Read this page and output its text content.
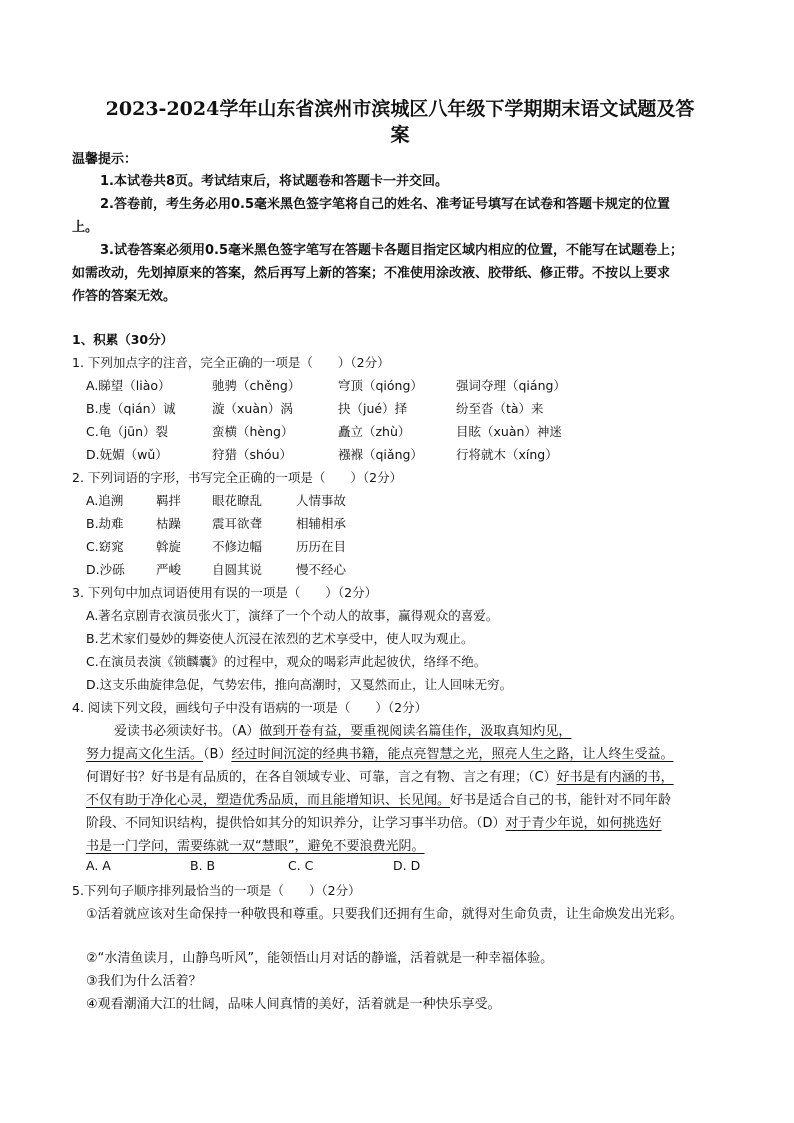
2023-2024学年山东省滨州市滨城区八年级下学期期末语文试题及答
案
温馨提示：
1.本试卷共8页。考试结束后，将试题卷和答题卡一并交回。
2.答卷前，考生务必用0.5毫米黑色签字笔将自己的姓名、准考证号填写在试卷和答题卡规定的位置
上。
3.试卷答案必须用0.5毫米黑色签字笔写在答题卡各题目指定区域内相应的位置，不能写在试题卷上；
如需改动，先划掉原来的答案，然后再写上新的答案；不准使用涂改液、胶带纸、修正带。不按以上要求
作答的答案无效。
1、积累（30分）
1. 下列加点字的注音，完全正确的一项是（　　）（2分）
A.睇望（liào）	驰骋（chěng）	穹顶（qióng）	强词夺理（qiáng）
B.虔（qián）诚	漩（xuàn）涡	抉（jué）择	纷至沓（tà）来
C.龟（jūn）裂	蛮横（hèng）	矗立（zhù）	目眩（xuàn）神迷
D.妩媚（wǔ）	狩猎（shóu）	襁褓（qiǎng）	行将就木（xíng）
2. 下列词语的字形，书写完全正确的一项是（　　）（2分）
A.追溯	羁拌 眼花瞭乱	人情事故
B.劫难	枯躁 震耳欲聋	相辅相承
C.窈窕	斡旋 不修边幅	历历在目
D.沙砾	严峻 自圆其说	慢不经心
3. 下列句中加点词语使用有误的一项是（　　）（2分）
A.著名京剧青衣演员张火丁，演绎了一个个动人的故事，赢得观众的喜爱。
B.艺术家们曼妙的舞姿使人沉浸在浓烈的艺术享受中，使人叹为观止。
C.在演员表演《锁麟囊》的过程中，观众的喝彩声此起彼伏，络绎不绝。
D.这支乐曲旋律急促，气势宏伟，推向高潮时，又戛然而止，让人回味无穷。
4. 阅读下列文段，画线句子中没有语病的一项是（　　）（2分）
爱读书必须读好书。（A）做到开卷有益，要重视阅读名篇佳作，汲取真知灼见，
努力提高文化生活。（B）经过时间沉淀的经典书籍，能点亮智慧之光，照亮人生之路，让人终生受益。
何谓好书？好书是有品质的，在各自领域专业、可靠，言之有物、言之有理；（C）好书是有内涵的书，
不仅有助于净化心灵，塑造优秀品质，而且能增知识、长见闻。好书是适合自己的书，能针对不同年龄
阶段、不同知识结构，提供恰如其分的知识养分，让学习事半功倍。（D）对于青少年说，如何挑选好
书是一门学问，需要练就一双“慧眼”，避免不要浪费光阴。
A. A	B. B	C. C	D. D
5.下列句子顺序排列最恰当的一项是（　　）（2分）
①活着就应该对生命保持一种敬畏和尊重。只要我们还拥有生命，就得对生命负责，让生命焕发出光彩。
②“水清鱼读月，山静鸟听风”，能领悟山月对话的静谧，活着就是一种幸福体验。
③我们为什么活着？
④观看潮涌大江的壮阔，品味人间真情的美好，活着就是一种快乐享受。
